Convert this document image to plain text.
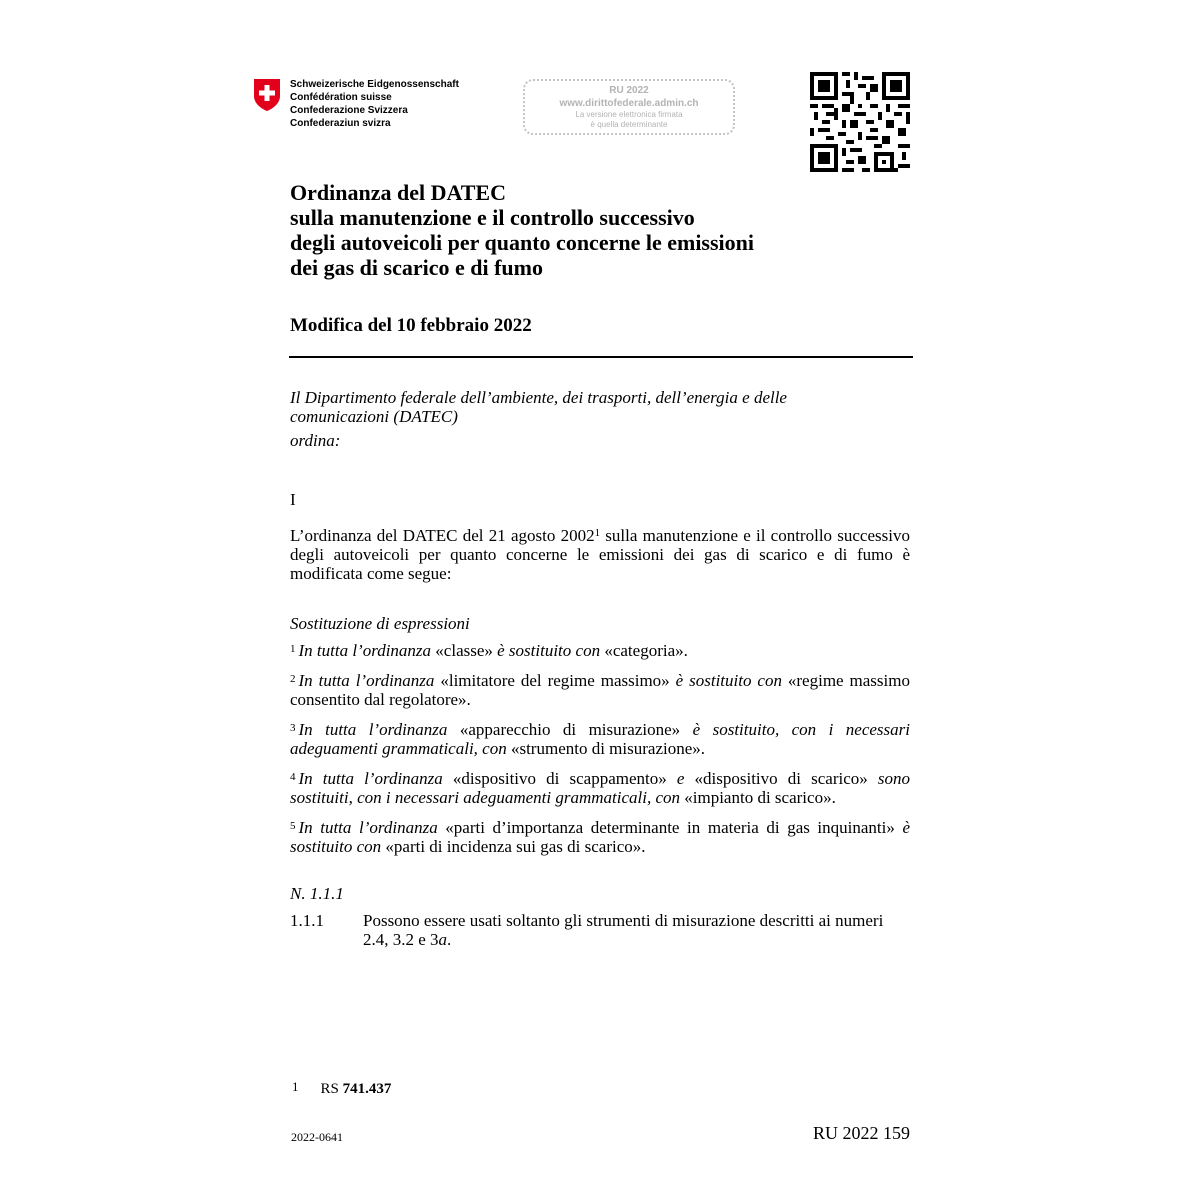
Schweizerische Eidgenossenschaft
Confédération suisse
Confederazione Svizzera
Confederaziun svizra
RU 2022
www.dirittofederale.admin.ch
La versione elettronica firmata
è quella determinante
Ordinanza del DATEC
sulla manutenzione e il controllo successivo
degli autoveicoli per quanto concerne le emissioni
dei gas di scarico e di fumo
Modifica del 10 febbraio 2022
Il Dipartimento federale dell’ambiente, dei trasporti, dell’energia e delle
comunicazioni (DATEC)
ordina:
I
L’ordinanza del DATEC del 21 agosto 2002$^1$ sulla manutenzione e il controllo successivo degli autoveicoli per quanto concerne le emissioni dei gas di scarico e di fumo è modificata come segue:
Sostituzione di espressioni
$^1$ In tutta l’ordinanza «classe» è sostituito con «categoria».
$^2$ In tutta l’ordinanza «limitatore del regime massimo» è sostituito con «regime massimo consentito dal regolatore».
$^3$ In tutta l’ordinanza «apparecchio di misurazione» è sostituito, con i necessari adeguamenti grammaticali, con «strumento di misurazione».
$^4$ In tutta l’ordinanza «dispositivo di scappamento» e «dispositivo di scarico» sono sostituiti, con i necessari adeguamenti grammaticali, con «impianto di scarico».
$^5$ In tutta l’ordinanza «parti d’importanza determinante in materia di gas inquinanti» è sostituito con «parti di incidenza sui gas di scarico».
N. 1.1.1
1.1.1 Possono essere usati soltanto gli strumenti di misurazione descritti ai numeri 2.4, 3.2 e 3a.
1 RS 741.437
2022-0641	RU 2022 159
